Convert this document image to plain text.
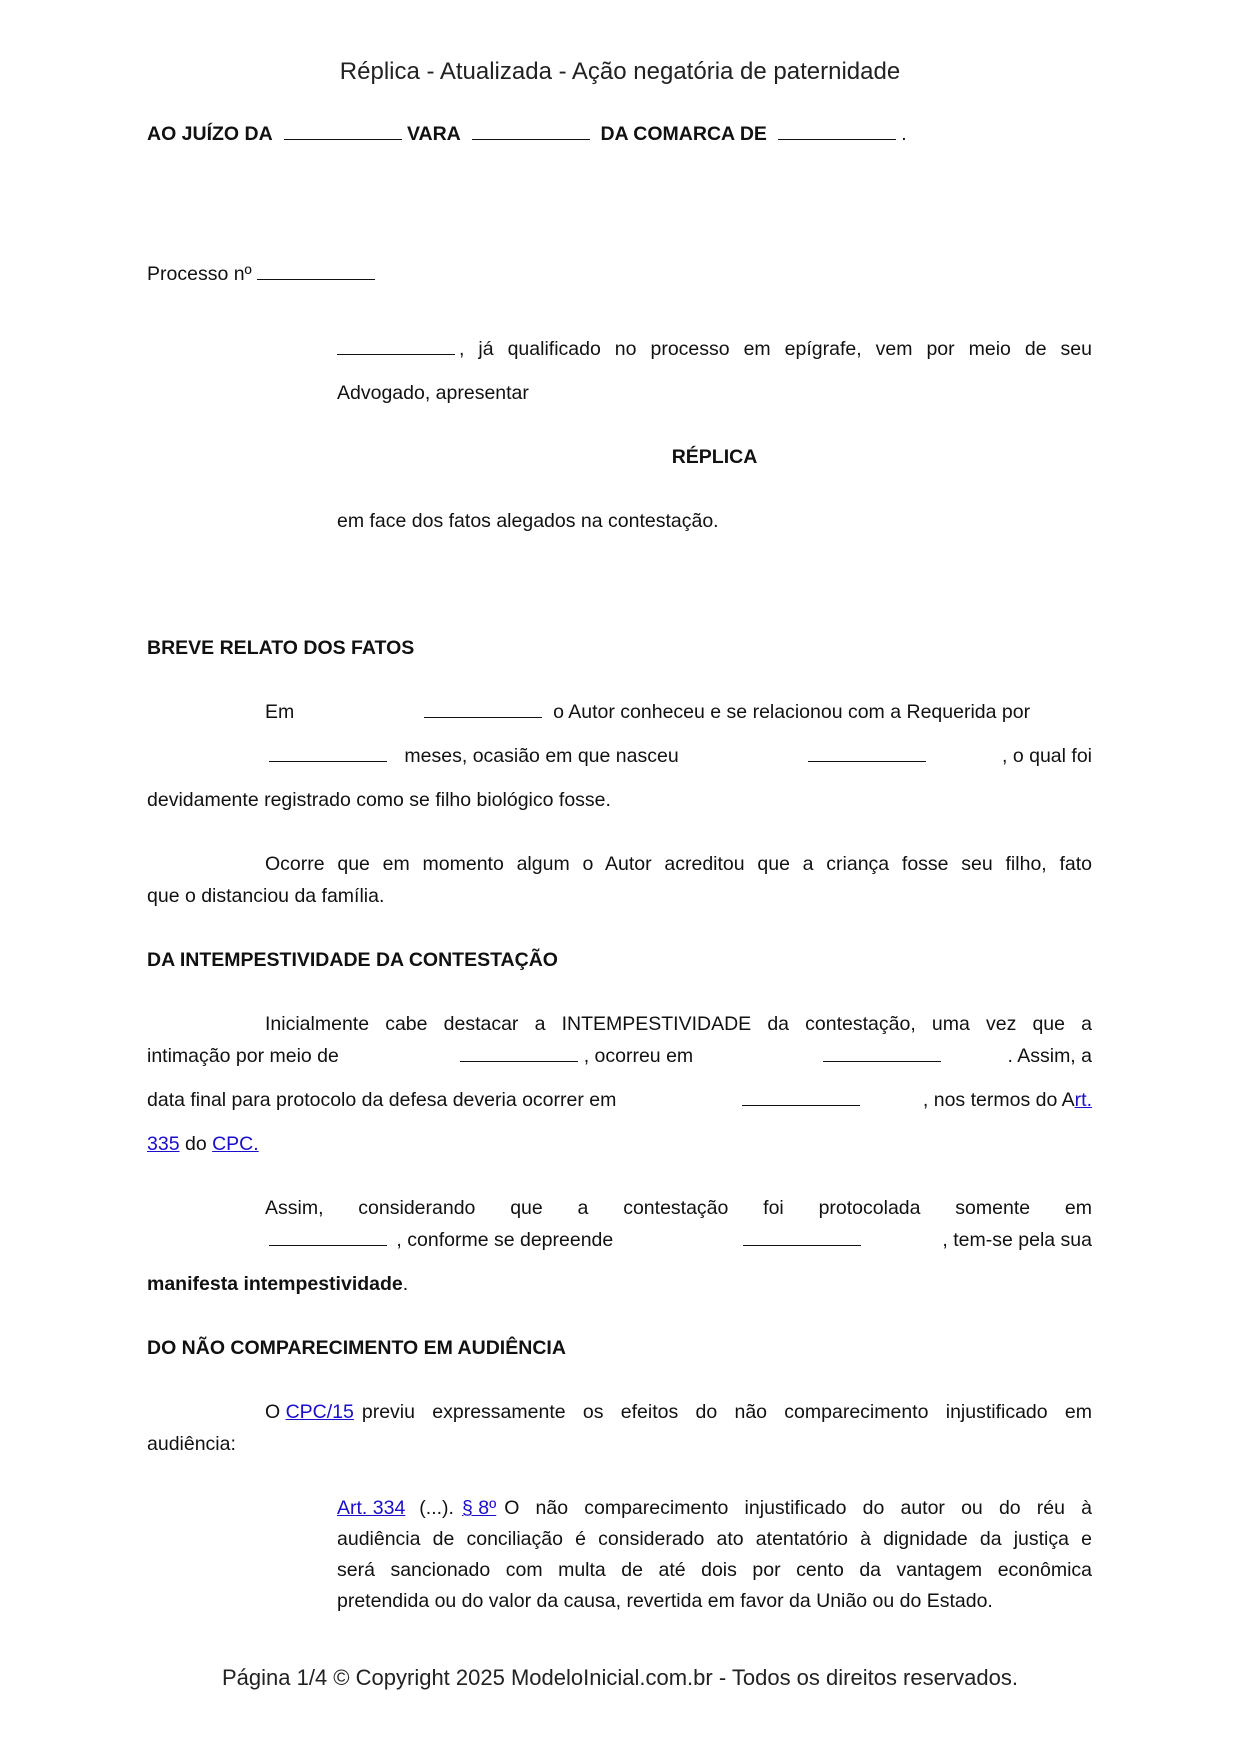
Réplica - Atualizada - Ação negatória de paternidade
AO JUÍZO DA	VARA	DA COMARCA DE	.
Processo nº
, já qualificado no processo em epígrafe, vem por meio de seu
Advogado, apresentar
RÉPLICA
em face dos fatos alegados na contestação.
BREVE RELATO DOS FATOS
Em	o Autor conheceu e se relacionou com a Requerida por
meses, ocasião em que nasceu	, o qual foi
devidamente registrado como se filho biológico fosse.
Ocorre que em momento algum o Autor acreditou que a criança fosse seu filho, fato
que o distanciou da família.
DA INTEMPESTIVIDADE DA CONTESTAÇÃO
Inicialmente cabe destacar a INTEMPESTIVIDADE da contestação, uma vez que a
intimação por meio de	, ocorreu em	. Assim, a
data final para protocolo da defesa deveria ocorrer em	, nos termos do Art.
335 do CPC.
Assim, considerando que a contestação foi protocolada somente em
, conforme se depreende	, tem-se pela sua
manifesta intempestividade.
DO NÃO COMPARECIMENTO EM AUDIÊNCIA
O CPC/15 previu expressamente os efeitos do não comparecimento injustificado em
audiência:
Art. 334 (...). § 8º O não comparecimento injustificado do autor ou do réu à
audiência de conciliação é considerado ato atentatório à dignidade da justiça e
será sancionado com multa de até dois por cento da vantagem econômica
pretendida ou do valor da causa, revertida em favor da União ou do Estado.
Página 1/4 © Copyright 2025 ModeloInicial.com.br - Todos os direitos reservados.
